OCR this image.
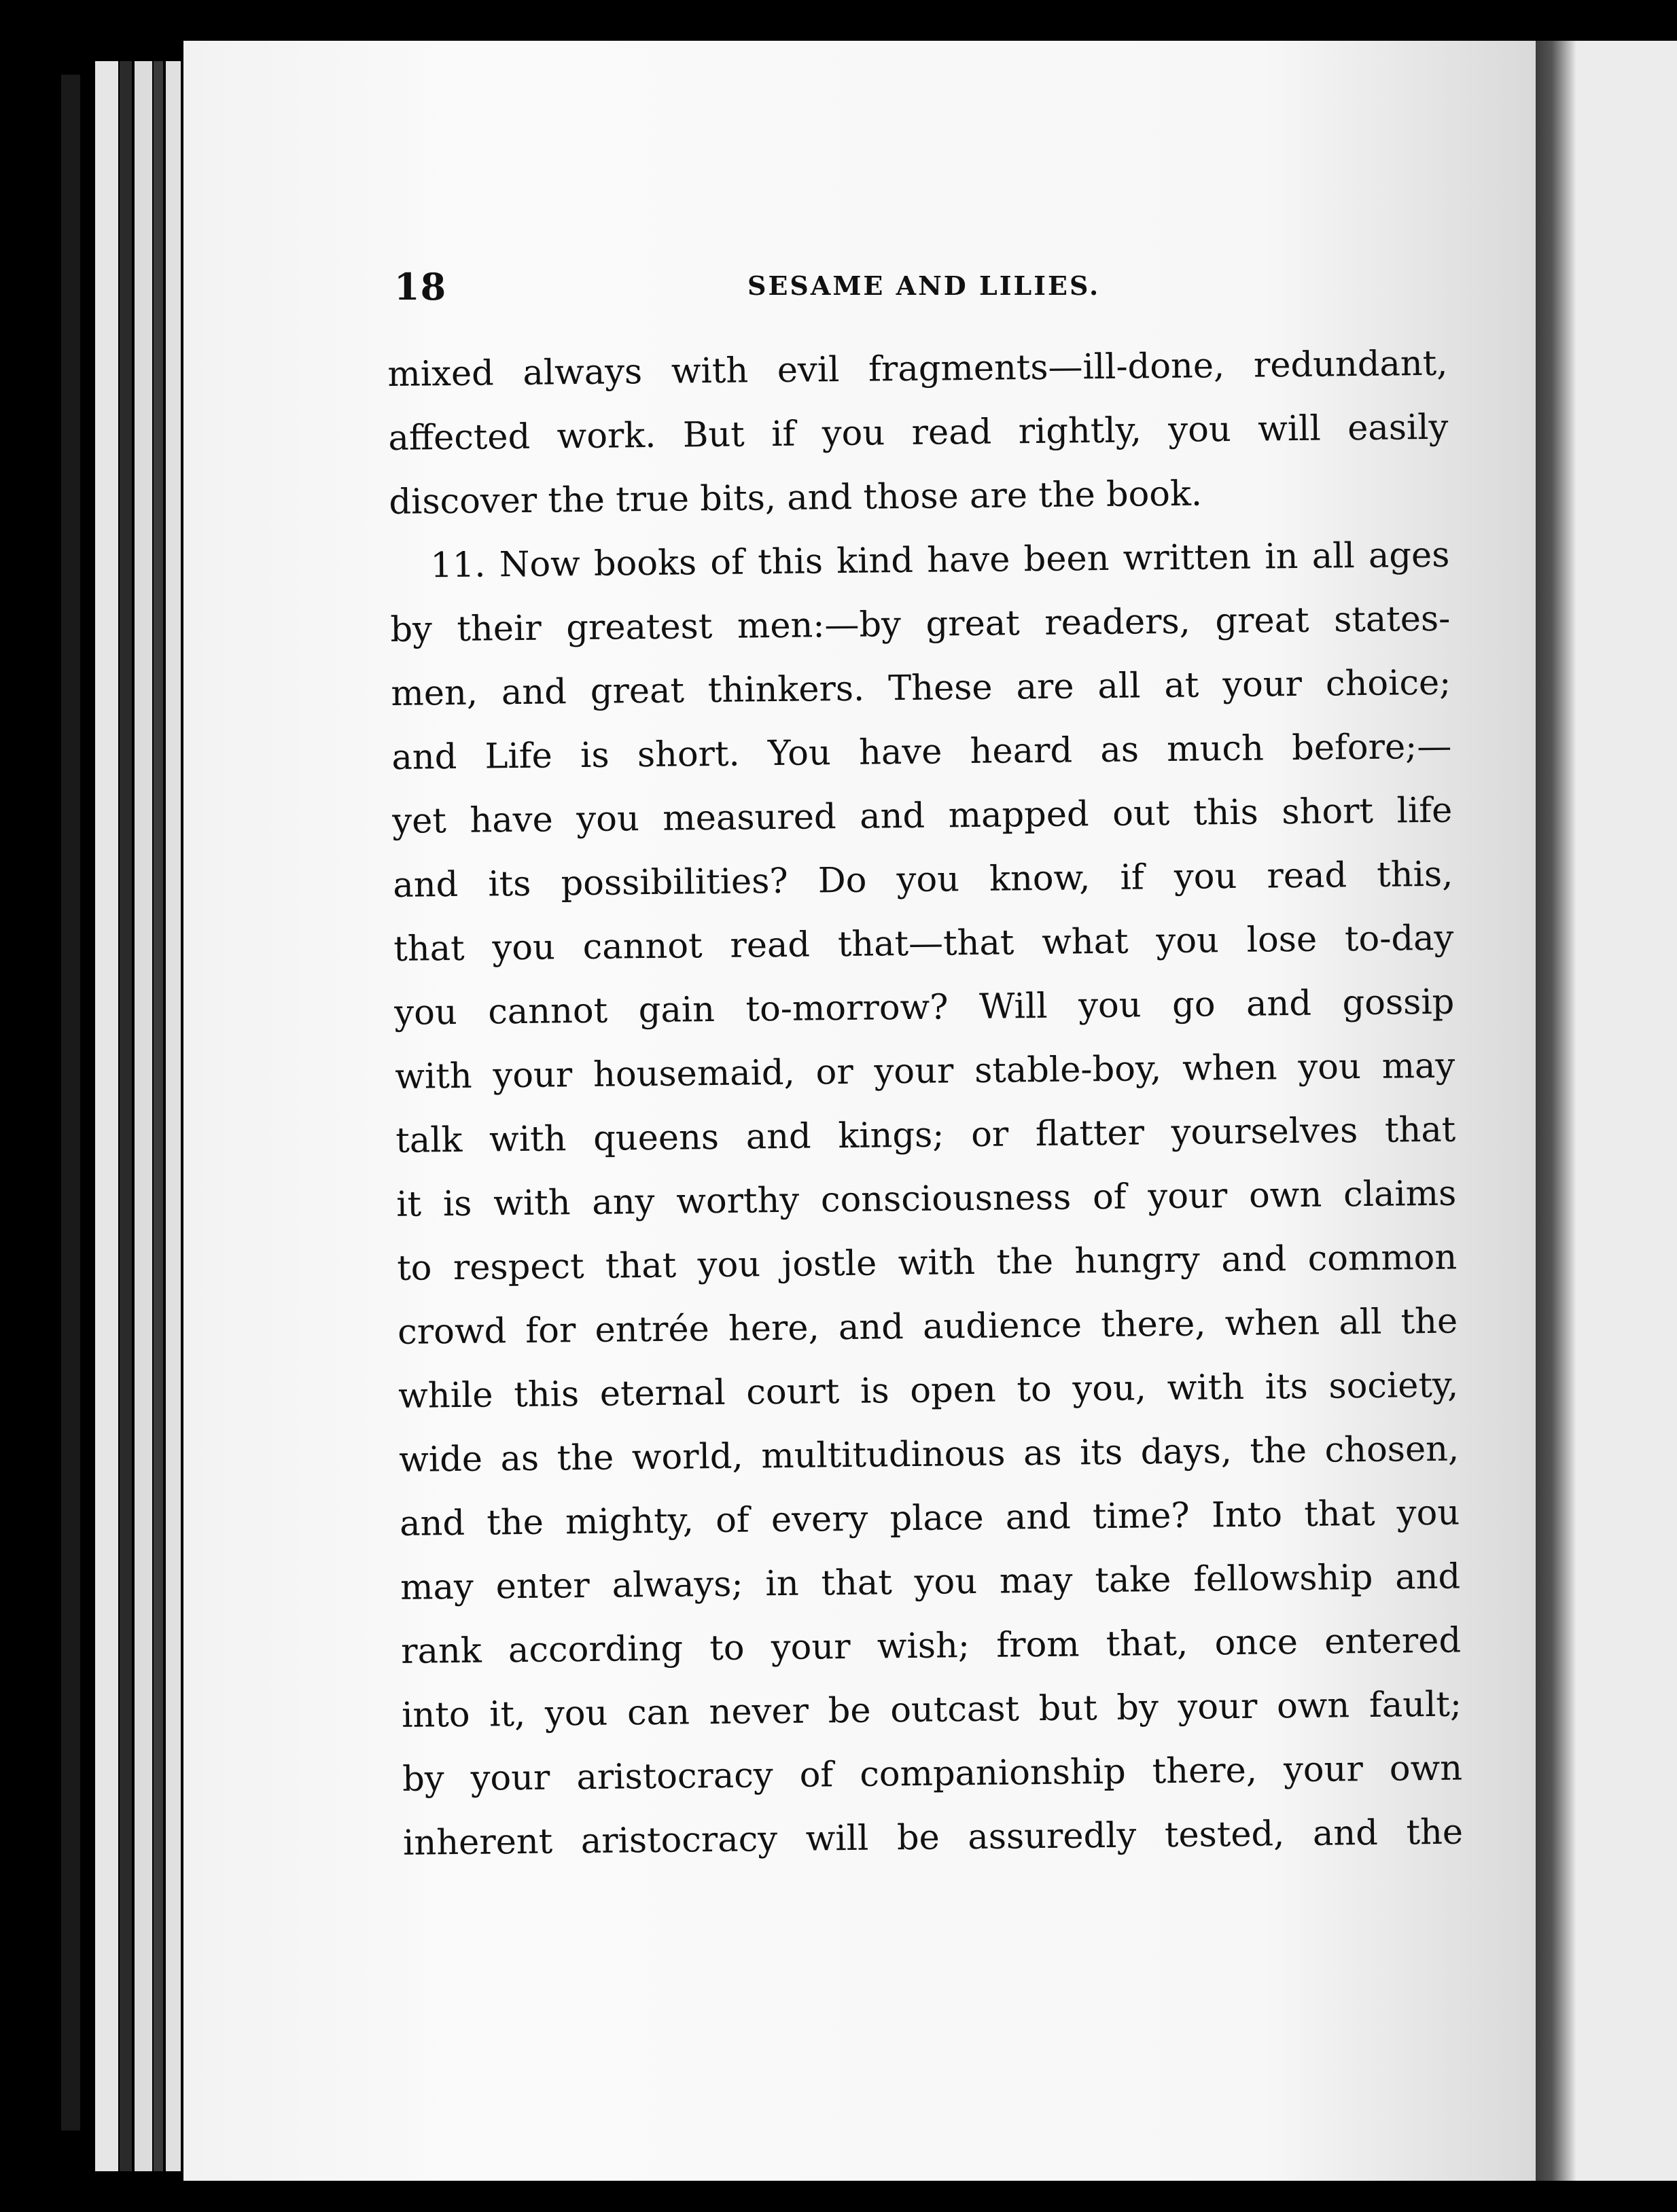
18	SESAME AND LILIES.
mixed always with evil fragments—ill-done, redundant,
affected work. But if you read rightly, you will easily
discover the true bits, and those are the book.
11. Now books of this kind have been written in all ages
by their greatest men:—by great readers, great states-
men, and great thinkers. These are all at your choice;
and Life is short. You have heard as much before;—
yet have you measured and mapped out this short life
and its possibilities? Do you know, if you read this,
that you cannot read that—that what you lose to-day
you cannot gain to-morrow? Will you go and gossip
with your housemaid, or your stable-boy, when you may
talk with queens and kings; or flatter yourselves that
it is with any worthy consciousness of your own claims
to respect that you jostle with the hungry and common
crowd for entrée here, and audience there, when all the
while this eternal court is open to you, with its society,
wide as the world, multitudinous as its days, the chosen,
and the mighty, of every place and time? Into that you
may enter always; in that you may take fellowship and
rank according to your wish; from that, once entered
into it, you can never be outcast but by your own fault;
by your aristocracy of companionship there, your own
inherent aristocracy will be assuredly tested, and the
